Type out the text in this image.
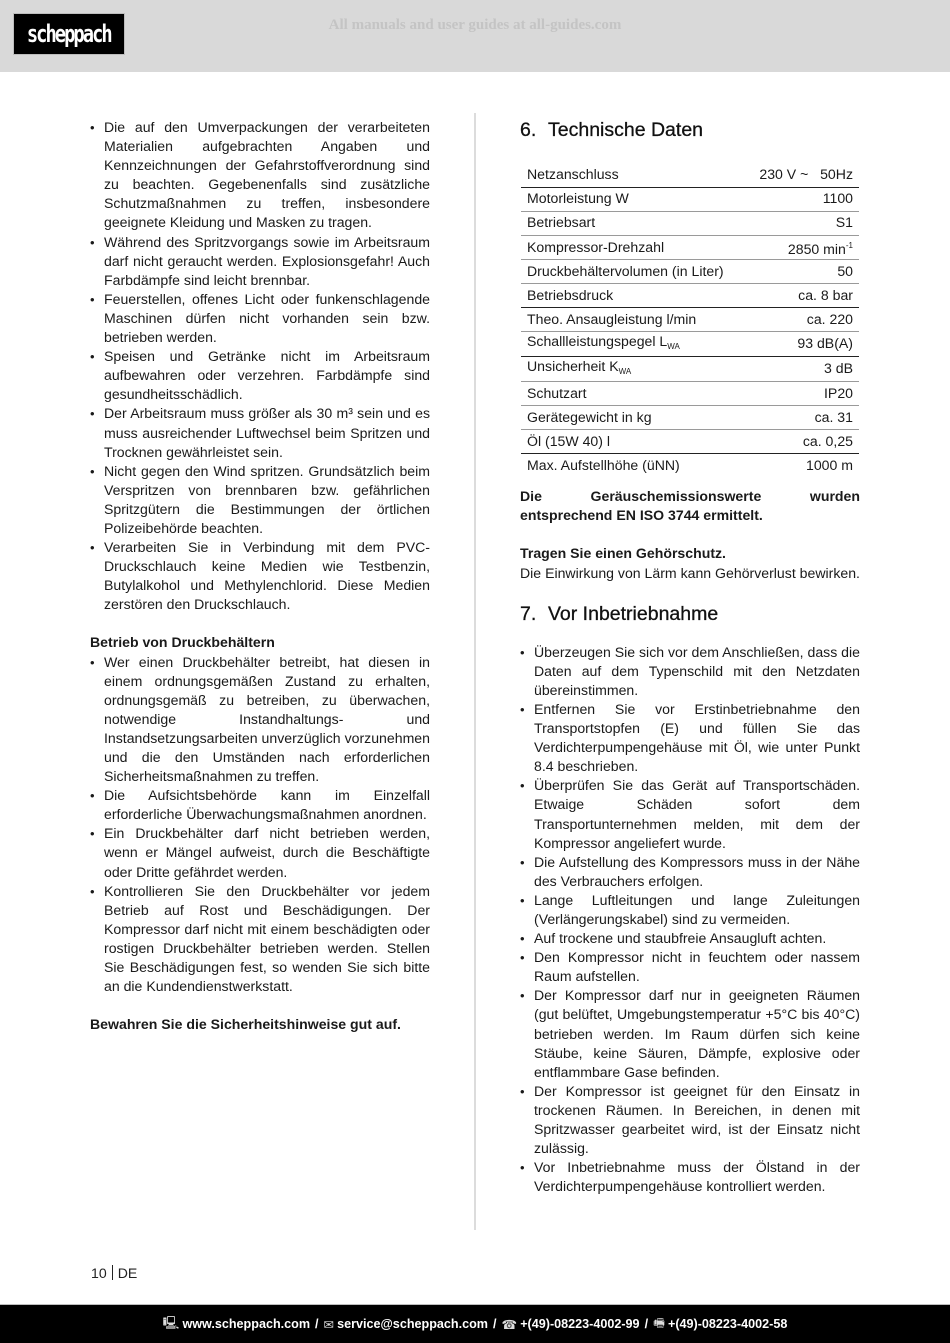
scheppach	All manuals and user guides at all-guides.com
• Die auf den Umverpackungen der verarbeiteten Materialien aufgebrachten Angaben und Kennzeichnungen der Gefahrstoffverordnung sind zu beachten. Gegebenenfalls sind zusätzliche Schutzmaßnahmen zu treffen, insbesondere geeignete Kleidung und Masken zu tragen.
• Während des Spritzvorgangs sowie im Arbeitsraum darf nicht geraucht werden. Explosionsgefahr! Auch Farbdämpfe sind leicht brennbar.
• Feuerstellen, offenes Licht oder funkenschlagende Maschinen dürfen nicht vorhanden sein bzw. betrieben werden.
• Speisen und Getränke nicht im Arbeitsraum aufbewahren oder verzehren. Farbdämpfe sind gesundheitsschädlich.
• Der Arbeitsraum muss größer als 30 m³ sein und es muss ausreichender Luftwechsel beim Spritzen und Trocknen gewährleistet sein.
• Nicht gegen den Wind spritzen. Grundsätzlich beim Verspritzen von brennbaren bzw. gefährlichen Spritzgütern die Bestimmungen der örtlichen Polizeibehörde beachten.
• Verarbeiten Sie in Verbindung mit dem PVC-Druckschlauch keine Medien wie Testbenzin, Butylalkohol und Methylenchlorid. Diese Medien zerstören den Druckschlauch.
Betrieb von Druckbehältern
• Wer einen Druckbehälter betreibt, hat diesen in einem ordnungsgemäßen Zustand zu erhalten, ordnungsgemäß zu betreiben, zu überwachen, notwendige Instandhaltungs- und Instandsetzungsarbeiten unverzüglich vorzunehmen und die den Umständen nach erforderlichen Sicherheitsmaßnahmen zu treffen.
• Die Aufsichtsbehörde kann im Einzelfall erforderliche Überwachungsmaßnahmen anordnen.
• Ein Druckbehälter darf nicht betrieben werden, wenn er Mängel aufweist, durch die Beschäftigte oder Dritte gefährdet werden.
• Kontrollieren Sie den Druckbehälter vor jedem Betrieb auf Rost und Beschädigungen. Der Kompressor darf nicht mit einem beschädigten oder rostigen Druckbehälter betrieben werden. Stellen Sie Beschädigungen fest, so wenden Sie sich bitte an die Kundendienstwerkstatt.
Bewahren Sie die Sicherheitshinweise gut auf.
6. Technische Daten
Netzanschluss	230 V ~   50Hz
Motorleistung W	1100
Betriebsart	S1
Kompressor-Drehzahl	2850 $\min^{-1}$
Druckbehältervolumen (in Liter)	50
Betriebsdruck	ca. 8 bar
Theo. Ansaugleistung l/min	ca. 220
Schallleistungspegel $L_{WA}$	93 dB(A)
Unsicherheit $K_{WA}$	3 dB
Schutzart	IP20
Gerätegewicht in kg	ca. 31
Öl (15W 40) l	ca. 0,25
Max. Aufstellhöhe (üNN)	1000 m
Die Geräuschemissionswerte wurden entsprechend EN ISO 3744 ermittelt.
Tragen Sie einen Gehörschutz.
Die Einwirkung von Lärm kann Gehörverlust bewirken.
7. Vor Inbetriebnahme
• Überzeugen Sie sich vor dem Anschließen, dass die Daten auf dem Typenschild mit den Netzdaten übereinstimmen.
• Entfernen Sie vor Erstinbetriebnahme den Transportstopfen (E) und füllen Sie das Verdichterpumpengehäuse mit Öl, wie unter Punkt 8.4 beschrieben.
• Überprüfen Sie das Gerät auf Transportschäden. Etwaige Schäden sofort dem Transportunternehmen melden, mit dem der Kompressor angeliefert wurde.
• Die Aufstellung des Kompressors muss in der Nähe des Verbrauchers erfolgen.
• Lange Luftleitungen und lange Zuleitungen (Verlängerungskabel) sind zu vermeiden.
• Auf trockene und staubfreie Ansaugluft achten.
• Den Kompressor nicht in feuchtem oder nassem Raum aufstellen.
• Der Kompressor darf nur in geeigneten Räumen (gut belüftet, Umgebungstemperatur +5°C bis 40°C) betrieben werden. Im Raum dürfen sich keine Stäube, keine Säuren, Dämpfe, explosive oder entflammbare Gase befinden.
• Der Kompressor ist geeignet für den Einsatz in trockenen Räumen. In Bereichen, in denen mit Spritzwasser gearbeitet wird, ist der Einsatz nicht zulässig.
• Vor Inbetriebnahme muss der Ölstand in der Verdichterpumpengehäuse kontrolliert werden.
10 DE
🖳 www.scheppach.com / ✉ service@scheppach.com / ☎ +(49)-08223-4002-99 / 🖷 +(49)-08223-4002-58
